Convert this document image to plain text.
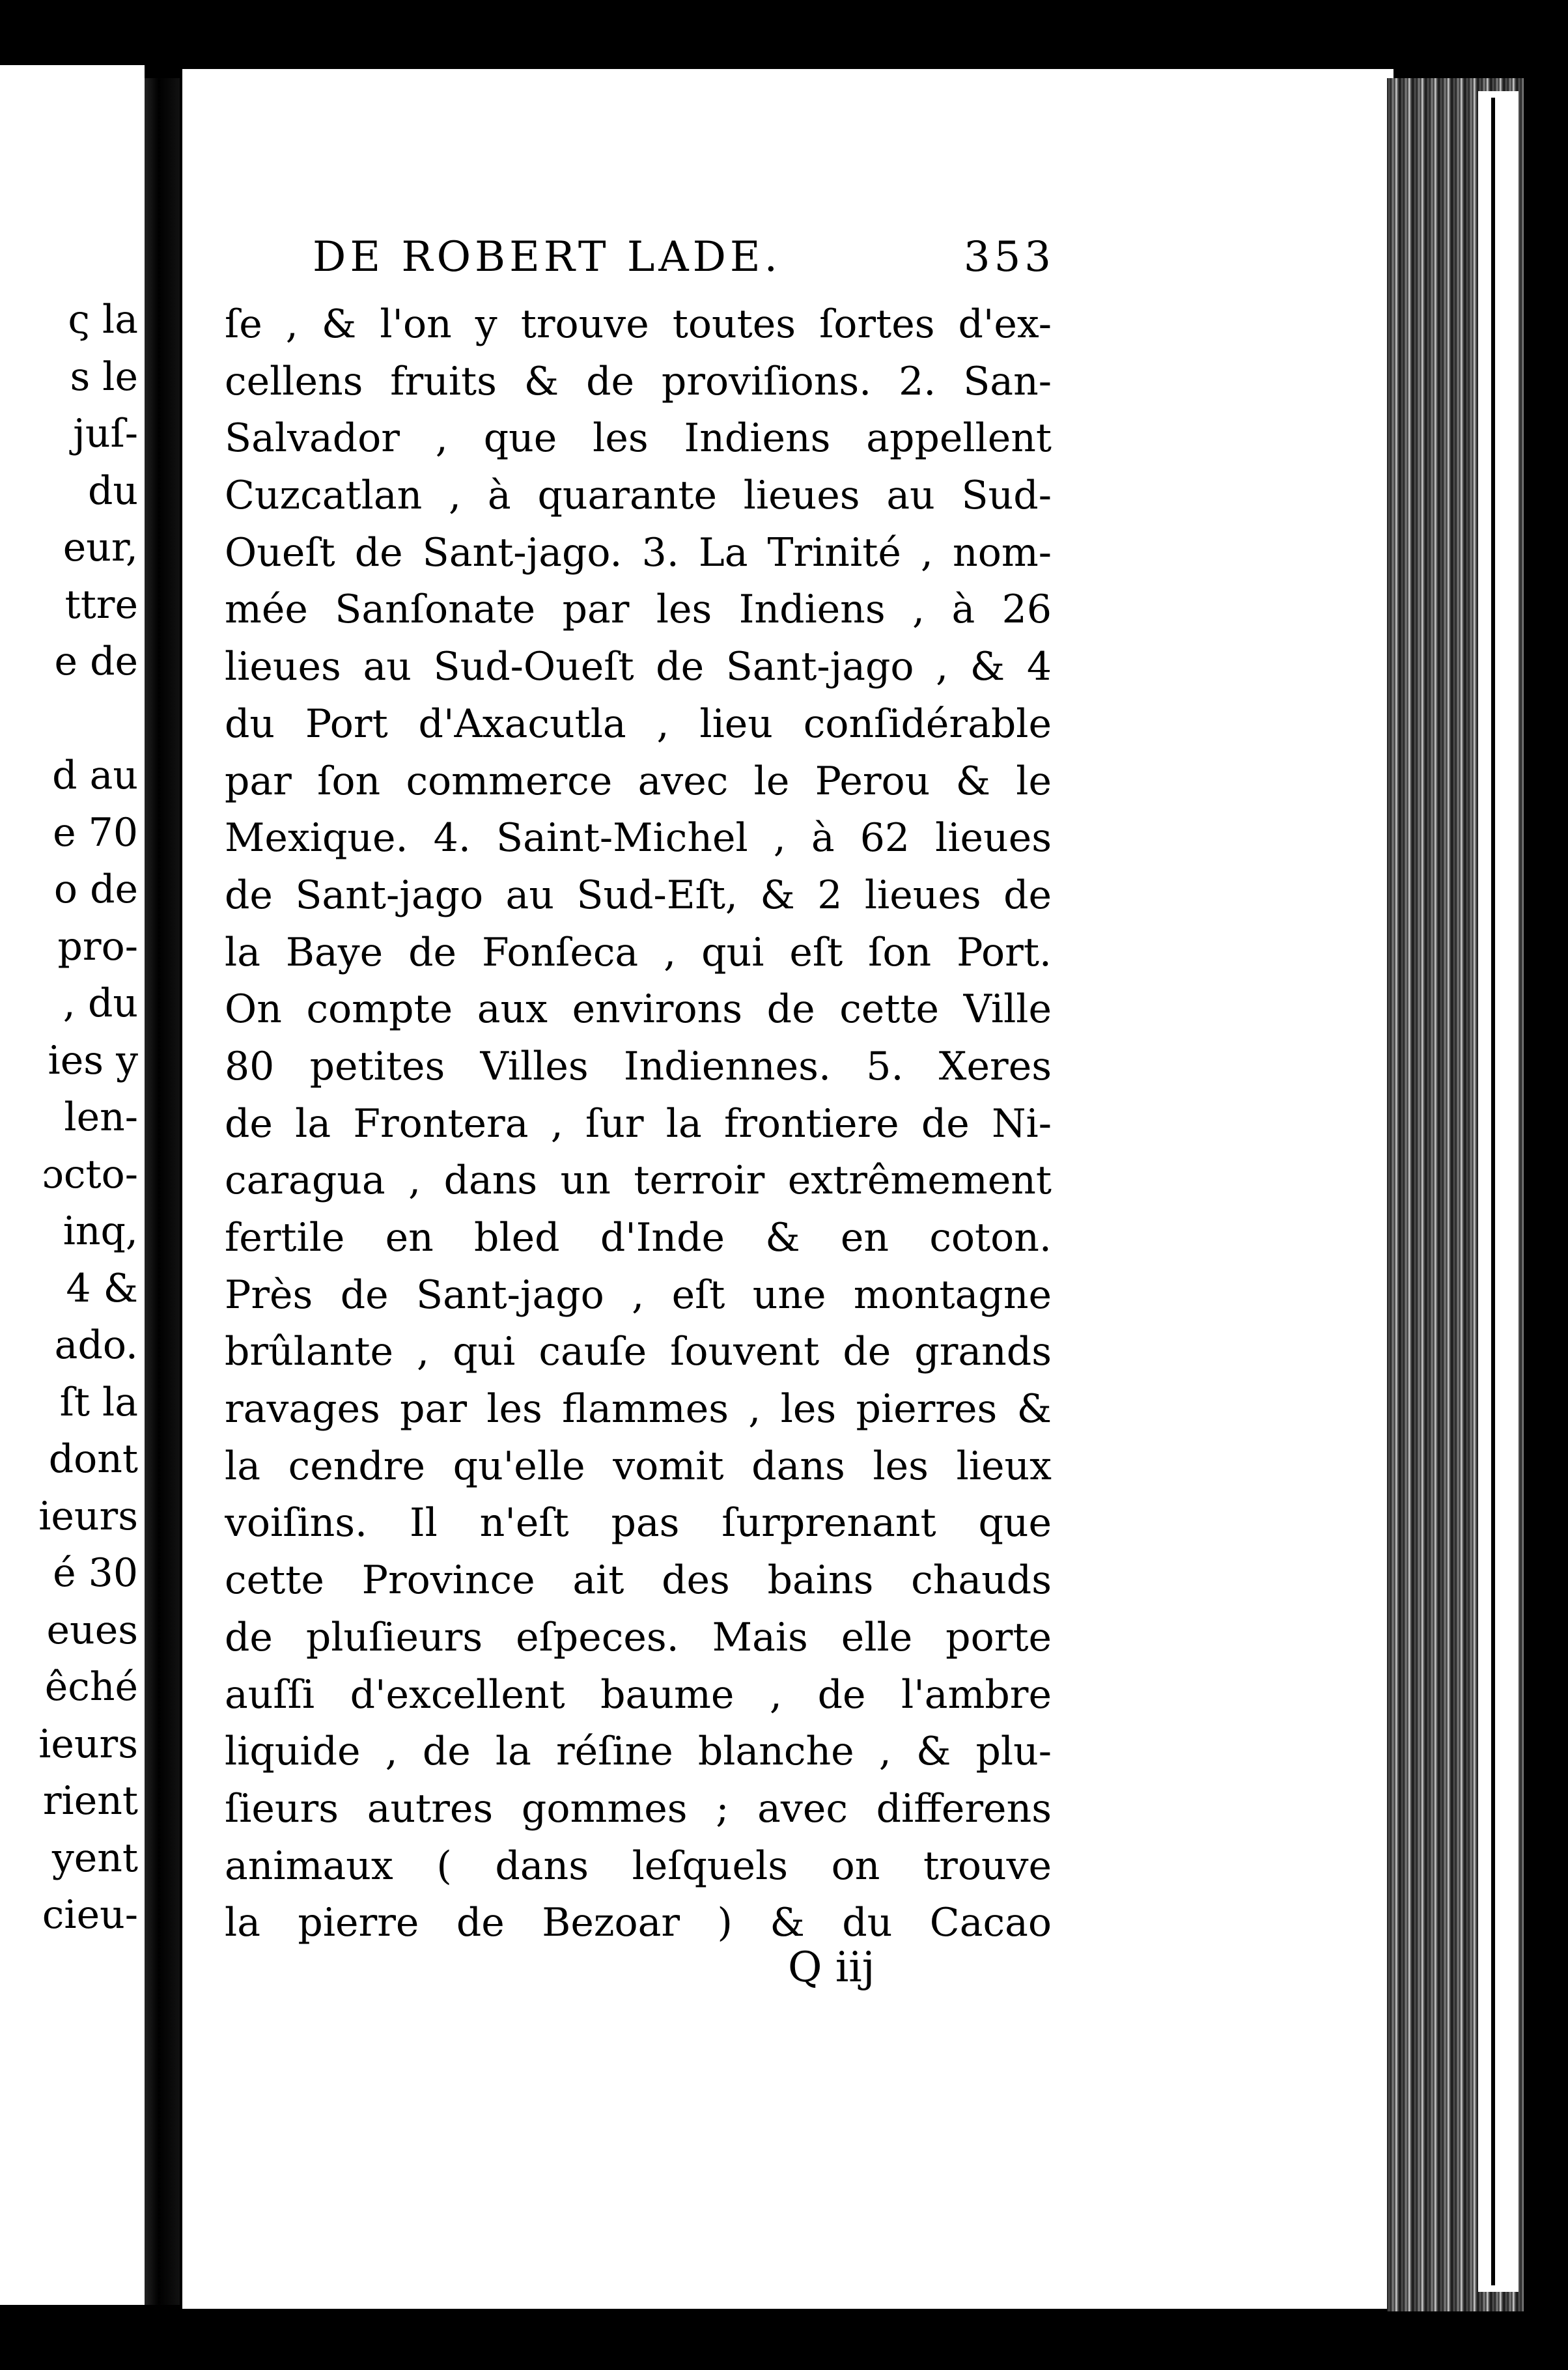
ς la
s le
juſ-
du
eur,
ttre
e de
d au
e 70
o de
pro-
, du
ies y
len-
ɔcto-
inq,
4 &
ado.
ſt la
dont
ieurs
é 30
eues
êché
ieurs
rient
yent
cieu-
DE ROBERT LADE.	353
ſe , & l'on y trouve toutes ſortes d'ex-
cellens fruits & de proviſions. 2. San-
Salvador , que les Indiens appellent
Cuzcatlan , à quarante lieues au Sud-
Oueſt de Sant-jago. 3. La Trinité , nom-
mée Sanſonate par les Indiens , à 26
lieues au Sud-Oueſt de Sant-jago , & 4
du Port d'Axacutla , lieu conſidérable
par ſon commerce avec le Perou & le
Mexique. 4. Saint-Michel , à 62 lieues
de Sant-jago au Sud-Eſt, & 2 lieues de
la Baye de Fonſeca , qui eſt ſon Port.
On compte aux environs de cette Ville
80 petites Villes Indiennes. 5. Xeres
de la Frontera , ſur la frontiere de Ni-
caragua , dans un terroir extrêmement
fertile en bled d'Inde & en coton.
Près de Sant-jago , eſt une montagne
brûlante , qui cauſe ſouvent de grands
ravages par les flammes , les pierres &
la cendre qu'elle vomit dans les lieux
voiſins. Il n'eſt pas ſurprenant que
cette Province ait des bains chauds
de pluſieurs eſpeces. Mais elle porte
auſſi d'excellent baume , de l'ambre
liquide , de la réſine blanche , & plu-
ſieurs autres gommes ; avec differens
animaux ( dans leſquels on trouve
la pierre de Bezoar ) & du Cacao
Q iij
